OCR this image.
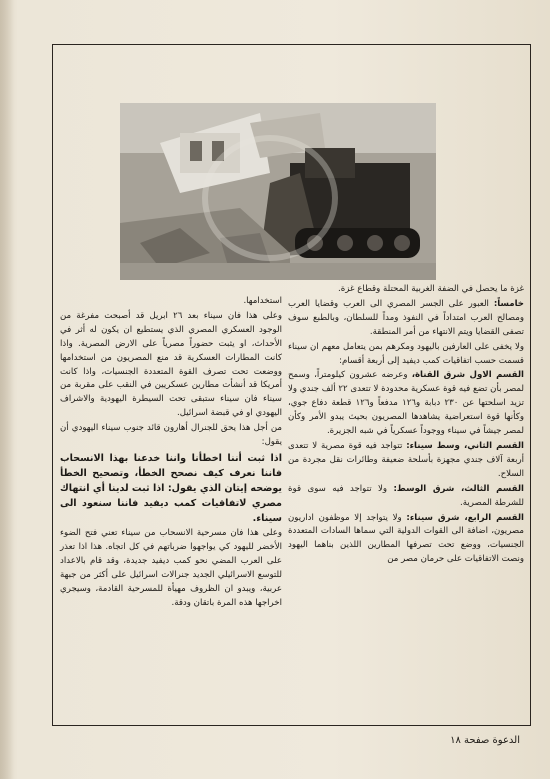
غزة ما يحصل في الضفة الغربية المحتلة وقطاع غزة.

خامساً: العبور على الجسر المصري الى العرب وقضايا العرب ومصالح العرب امتداداً في النفوذ ومداً للسلطان، وبالطبع سوف تصفى القضايا ويتم الانتهاء من أمر المنطقة.

ولا يخفى على العارفين باليهود ومكرهم بمن يتعامل معهم ان سيناء قسمت حسب اتفاقيات كمب ديفيد إلى أربعة أقسام:

القسم الاول شرق القناة، وعرضه عشرون كيلومتراً، وسمح لمصر بأن تضع فيه قوة عسكرية محدودة لا تتعدى ٢٢ ألف جندي ولا تزيد اسلحتها عن ٢٣٠ دبابة و١٢٦ مدفعاً و١٢٦ قطعة دفاع جوي، وكأنها قوة استعراضية يشاهدها المصريون بحيث يبدو الأمر وكأن لمصر جيشاً في سيناء ووجوداً عسكرياً في شبه الجزيرة.

القسم الثاني، وسط سيناء: تتواجد فيه قوة مصرية لا تتعدى أربعة آلاف جندي مجهزة بأسلحة ضعيفة وطائرات نقل مجردة من السلاح.

القسم الثالث، شرق الوسط: ولا تتواجد فيه سوى قوة للشرطة المصرية.

القسم الرابع، شرق سيناء: ولا يتواجد إلا موظفون اداريون مصريون، اضافة الى القوات الدولية التي سماها السادات المتعددة الجنسيات، ووضع تحت تصرفها المطارين اللذين بناهما اليهود ونصت الاتفاقيات على حرمان مصر من

استخدامها.

وعلى هذا فان سيناء بعد ٢٦ ابريل قد أصبحت مفرغة من الوجود العسكري المصري الذي يستطيع ان يكون له أثر في الأحداث، او يثبت حضوراً مصرياً على الارض المصرية. واذا كانت المطارات العسكرية قد منع المصريون من استخدامها ووضعت تحت تصرف القوة المتعددة الجنسيات، واذا كانت أمريكا قد أنشأت مطارين عسكريين في النقب على مقربة من سيناء فان سيناء ستبقى تحت السيطرة اليهودية والاشراف اليهودي او في قبضة اسرائيل.

من أجل هذا يحق للجنرال أهارون قائد جنوب سيناء اليهودي أن يقول:

اذا ثبت أننا اخطأنا واننا خدعنا بهذا الانسحاب فاننا نعرف كيف نصحح الخطأ، وتصحيح الخطأ يوضحه إيتان الذي يقول: اذا ثبت لدينا أي انتهاك مصري لاتفاقيات كمب ديفيد فاننا سنعود الى سيناء.

وعلى هذا فان مسرحية الانسحاب من سيناء تعني فتح الضوء الأخضر لليهود كي يواجهوا ضرباتهم في كل اتجاه. هذا اذا تعذر على العرب المضي نحو كمب ديفيد جديدة، وقد قام بالاعداد للتوسع الاسرائيلي الجديد جنرالات اسرائيل على أكثر من جبهة عربية، ويبدو ان الظروف مهيأة للمسرحية القادمة، وسيجري اخراجها هذه المرة باتقان ودقة.

الدعوة صفحة ١٨
